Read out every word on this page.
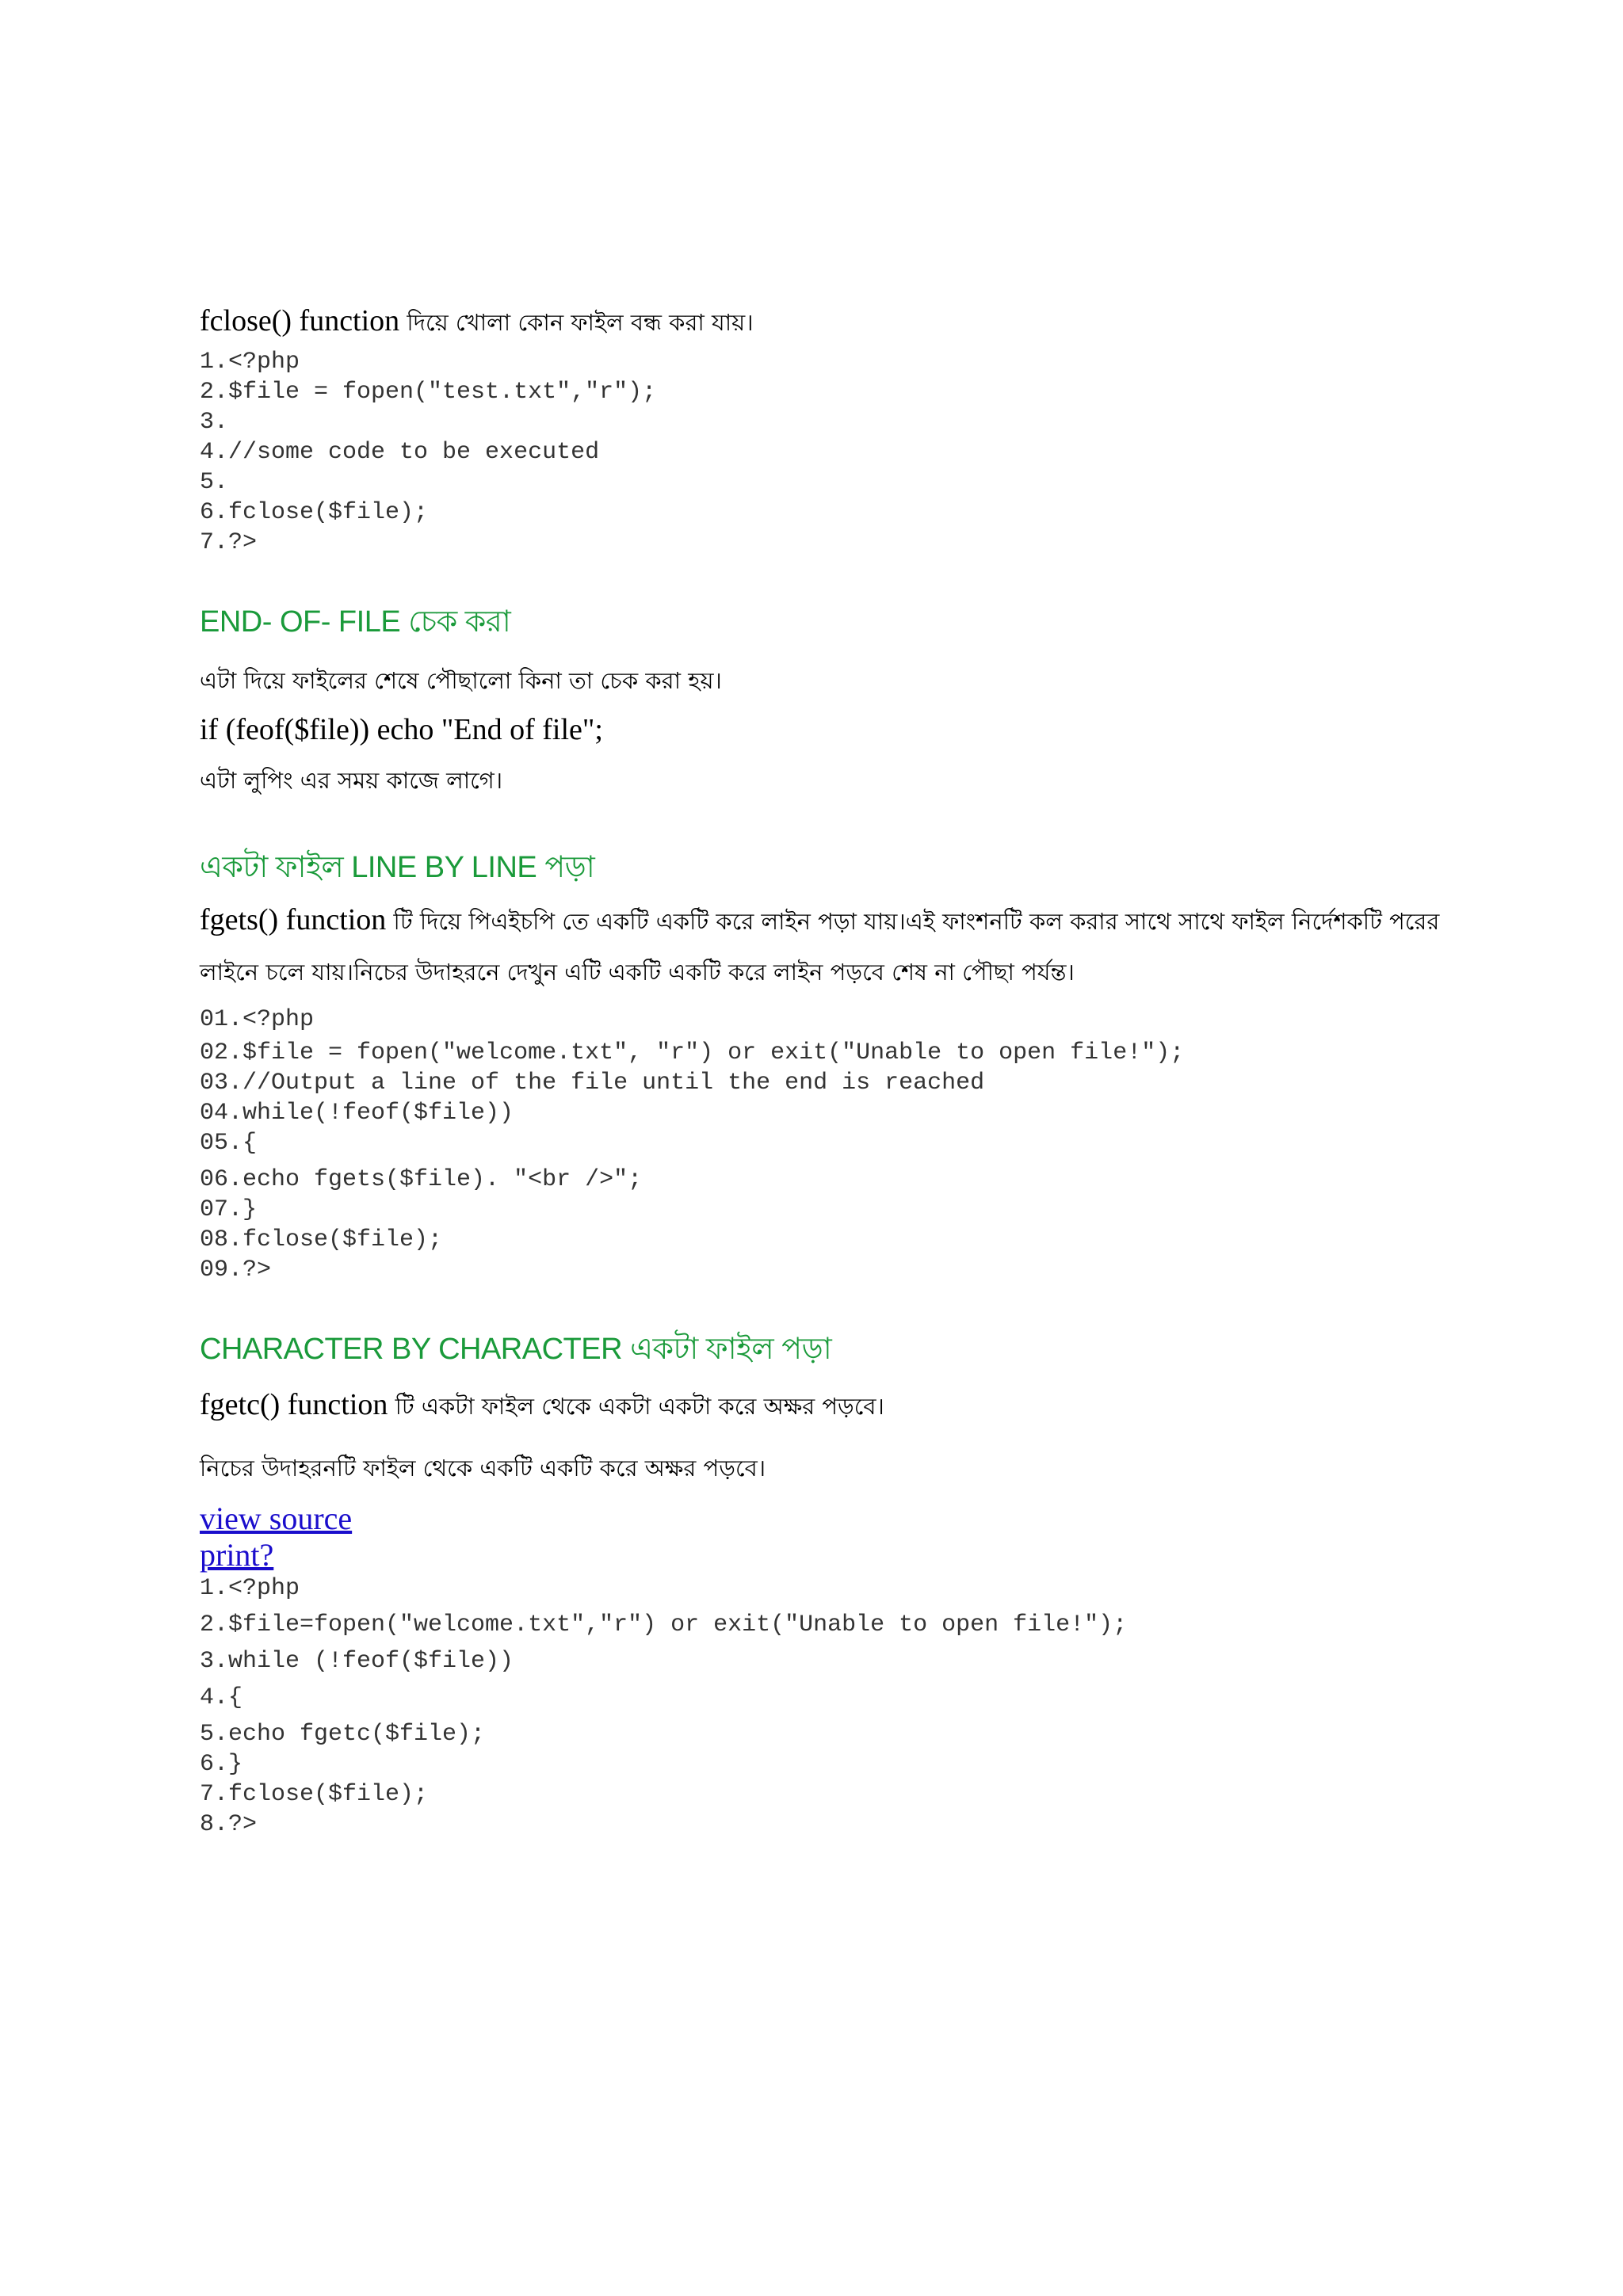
fclose() function দিয়ে খোলা কোন ফাইল বন্ধ করা যায়।
1.<?php
2.$file = fopen("test.txt","r");
3.
4.//some code to be executed
5.
6.fclose($file);
7.?>
END- OF- FILE চেক করা
এটা দিয়ে ফাইলের শেষে পৌছালো কিনা তা চেক করা হয়।
if (feof($file)) echo "End of file";
এটা লুপিং এর সময় কাজে লাগে।
একটা ফাইল LINE BY LINE পড়া
fgets() function টি দিয়ে পিএইচপি তে একটি একটি করে লাইন পড়া যায়।এই ফাংশনটি কল করার সাথে সাথে ফাইল নির্দেশকটি পরের
লাইনে চলে যায়।নিচের উদাহরনে দেখুন এটি একটি একটি করে লাইন পড়বে শেষ না পৌছা পর্যন্ত।
01.<?php
02.$file = fopen("welcome.txt", "r") or exit("Unable to open file!");
03.//Output a line of the file until the end is reached
04.while(!feof($file))
05.{
06.echo fgets($file). "<br />";
07.}
08.fclose($file);
09.?>
CHARACTER BY CHARACTER একটা ফাইল পড়া
fgetc() function টি একটা ফাইল থেকে একটা একটা করে অক্ষর পড়বে।
নিচের উদাহরনটি ফাইল থেকে একটি একটি করে অক্ষর পড়বে।
view source
print?
1.<?php
2.$file=fopen("welcome.txt","r") or exit("Unable to open file!");
3.while (!feof($file))
4.{
5.echo fgetc($file);
6.}
7.fclose($file);
8.?>
